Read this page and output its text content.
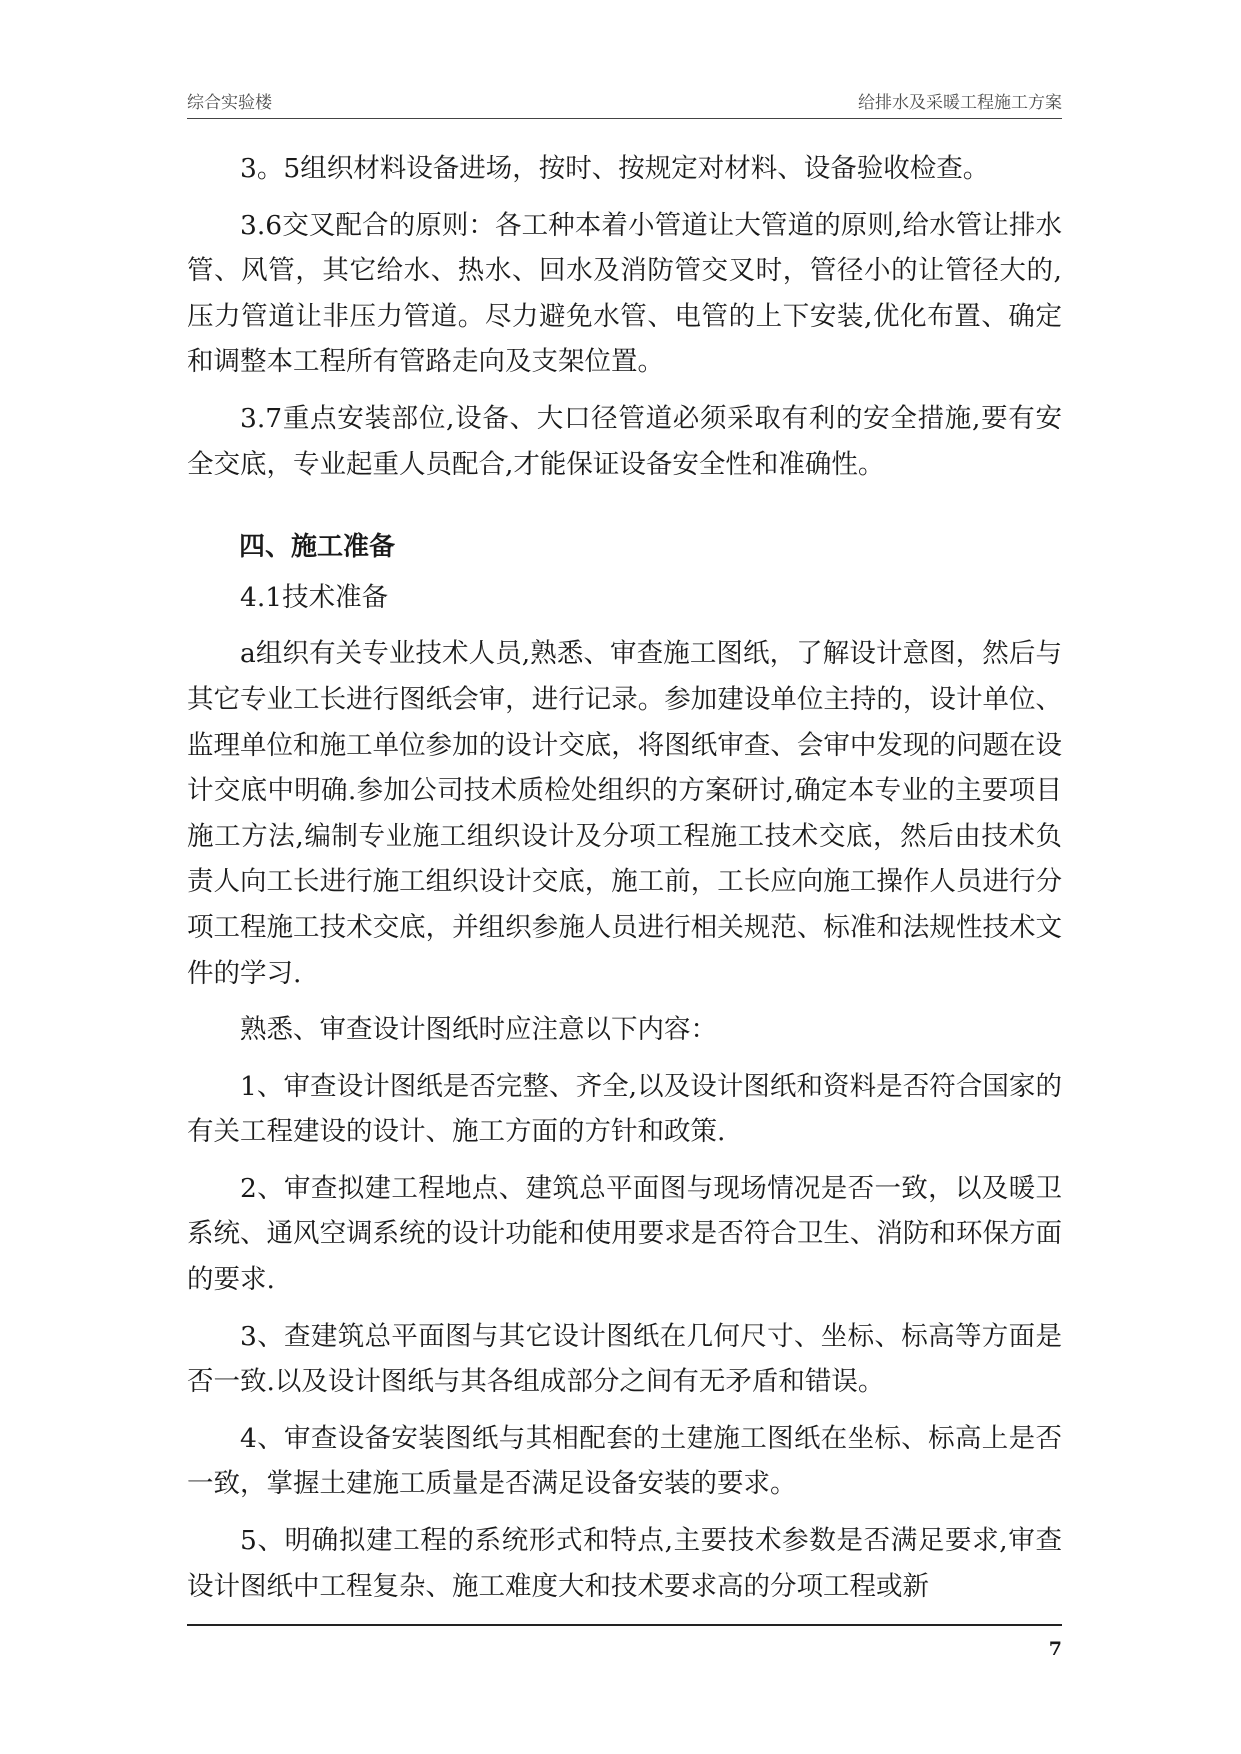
综合实验楼	给排水及采暖工程施工方案

3。5组织材料设备进场，按时、按规定对材料、设备验收检查。

3.6交叉配合的原则：各工种本着小管道让大管道的原则,给水管让排水管、风管，其它给水、热水、回水及消防管交叉时，管径小的让管径大的,压力管道让非压力管道。尽力避免水管、电管的上下安装,优化布置、确定和调整本工程所有管路走向及支架位置。

3.7重点安装部位,设备、大口径管道必须采取有利的安全措施,要有安全交底，专业起重人员配合,才能保证设备安全性和准确性。

四、施工准备

4.1技术准备

a组织有关专业技术人员,熟悉、审查施工图纸，了解设计意图，然后与其它专业工长进行图纸会审，进行记录。参加建设单位主持的，设计单位、监理单位和施工单位参加的设计交底，将图纸审查、会审中发现的问题在设计交底中明确.参加公司技术质检处组织的方案研讨,确定本专业的主要项目施工方法,编制专业施工组织设计及分项工程施工技术交底，然后由技术负责人向工长进行施工组织设计交底，施工前，工长应向施工操作人员进行分项工程施工技术交底，并组织参施人员进行相关规范、标准和法规性技术文件的学习.

熟悉、审查设计图纸时应注意以下内容：

1、审查设计图纸是否完整、齐全,以及设计图纸和资料是否符合国家的有关工程建设的设计、施工方面的方针和政策.

2、审查拟建工程地点、建筑总平面图与现场情况是否一致，以及暖卫系统、通风空调系统的设计功能和使用要求是否符合卫生、消防和环保方面的要求.

3、查建筑总平面图与其它设计图纸在几何尺寸、坐标、标高等方面是否一致.以及设计图纸与其各组成部分之间有无矛盾和错误。

4、审查设备安装图纸与其相配套的土建施工图纸在坐标、标高上是否一致，掌握土建施工质量是否满足设备安装的要求。

5、明确拟建工程的系统形式和特点,主要技术参数是否满足要求,审查设计图纸中工程复杂、施工难度大和技术要求高的分项工程或新

7
